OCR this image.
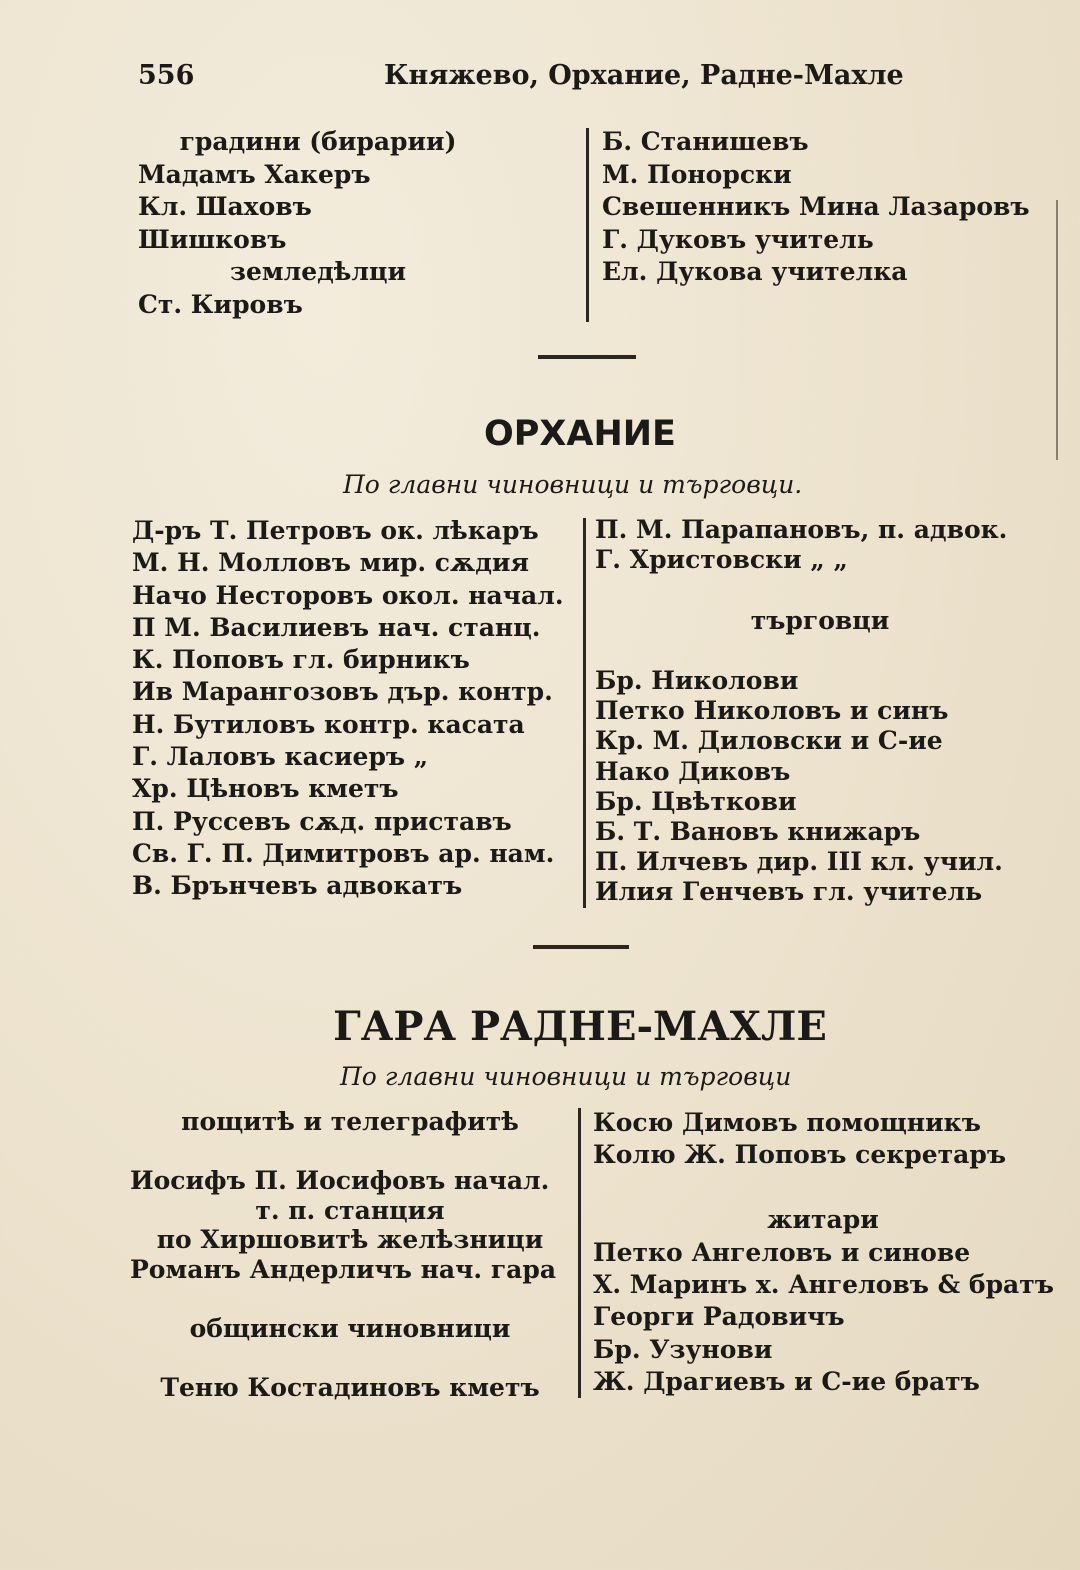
556	Княжево, Орхание, Радне-Махле
градини (бирарии)
Мадамъ Хакеръ
Кл. Шаховъ
Шишковъ
земледѣлци
Ст. Кировъ
Б. Станишевъ
М. Понорски
Свешенникъ Мина Лазаровъ
Г. Дуковъ учитель
Ел. Дукова учителка
ОРХАНИЕ
По главни чиновници и търговци.
Д-ръ Т. Петровъ ок. лѣкаръ
М. Н. Молловъ мир. сѫдия
Начо Несторовъ окол. начал.
П М. Василиевъ нач. станц.
К. Поповъ гл. бирникъ
Ив Марангозовъ дър. контр.
Н. Бутиловъ контр. касата
Г. Лаловъ касиеръ „
Хр. Цѣновъ кметъ
П. Руссевъ сѫд. приставъ
Св. Г. П. Димитровъ ар. нам.
В. Брънчевъ адвокатъ
П. М. Парапановъ, п. адвок.
Г. Христовски „ „
търговци
Бр. Николови
Петко Николовъ и синъ
Кр. М. Диловски и С-ие
Нако Диковъ
Бр. Цвѣткови
Б. Т. Вановъ книжаръ
П. Илчевъ дир. III кл. учил.
Илия Генчевъ гл. учитель
ГАРА РАДНЕ-МАХЛЕ
По главни чиновници и търговци
пощитѣ и телеграфитѣ
Иосифъ П. Иосифовъ начал.
т. п. станция
по Хиршовитѣ желѣзници
Романъ Андерличъ нач. гара
общински чиновници
Теню Костадиновъ кметъ
Косю Димовъ помощникъ
Колю Ж. Поповъ секретаръ
житари
Петко Ангеловъ и синове
Х. Маринъ х. Ангеловъ & братъ
Георги Радовичъ
Бр. Узунови
Ж. Драгиевъ и С-ие братъ
